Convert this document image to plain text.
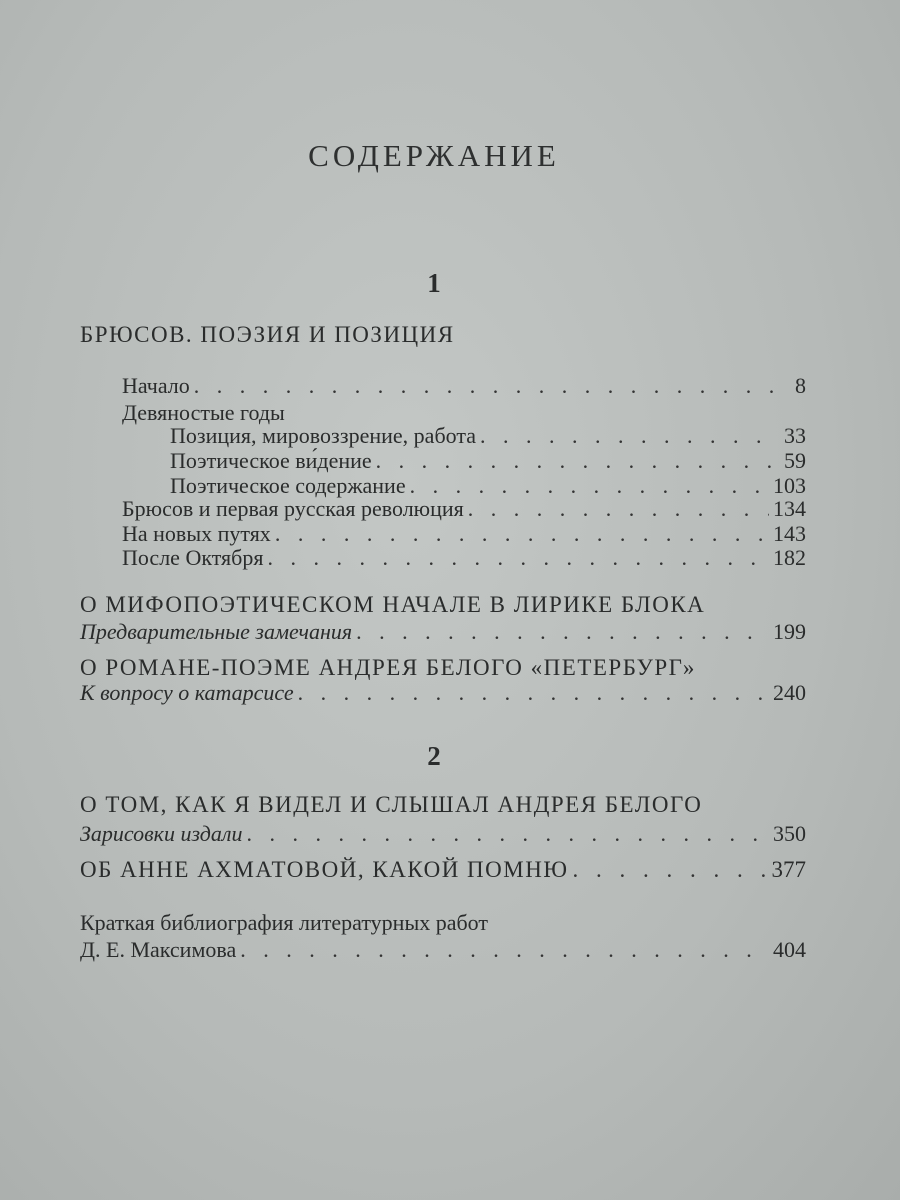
СОДЕРЖАНИЕ
1
БРЮСОВ. ПОЭЗИЯ И ПОЗИЦИЯ
Начало . . .	8
Девяностые годы
Позиция, мировоззрение, работа . . .	33
Поэтическое ви́дение . . .	59
Поэтическое содержание . . .	103
Брюсов и первая русская революция . . .	134
На новых путях . . .	143
После Октября . . .	182
О МИФОПОЭТИЧЕСКОМ НАЧАЛЕ В ЛИРИКЕ БЛОКА
Предварительные замечания . . .	199
О РОМАНЕ-ПОЭМЕ АНДРЕЯ БЕЛОГО «ПЕТЕРБУРГ»
К вопросу о катарсисе . . .	240
2
О ТОМ, КАК Я ВИДЕЛ И СЛЫШАЛ АНДРЕЯ БЕЛОГО
Зарисовки издали . . .	350
ОБ АННЕ АХМАТОВОЙ, КАКОЙ ПОМНЮ . . .	377
Краткая библиография литературных работ
Д. Е. Максимова . . .	404
